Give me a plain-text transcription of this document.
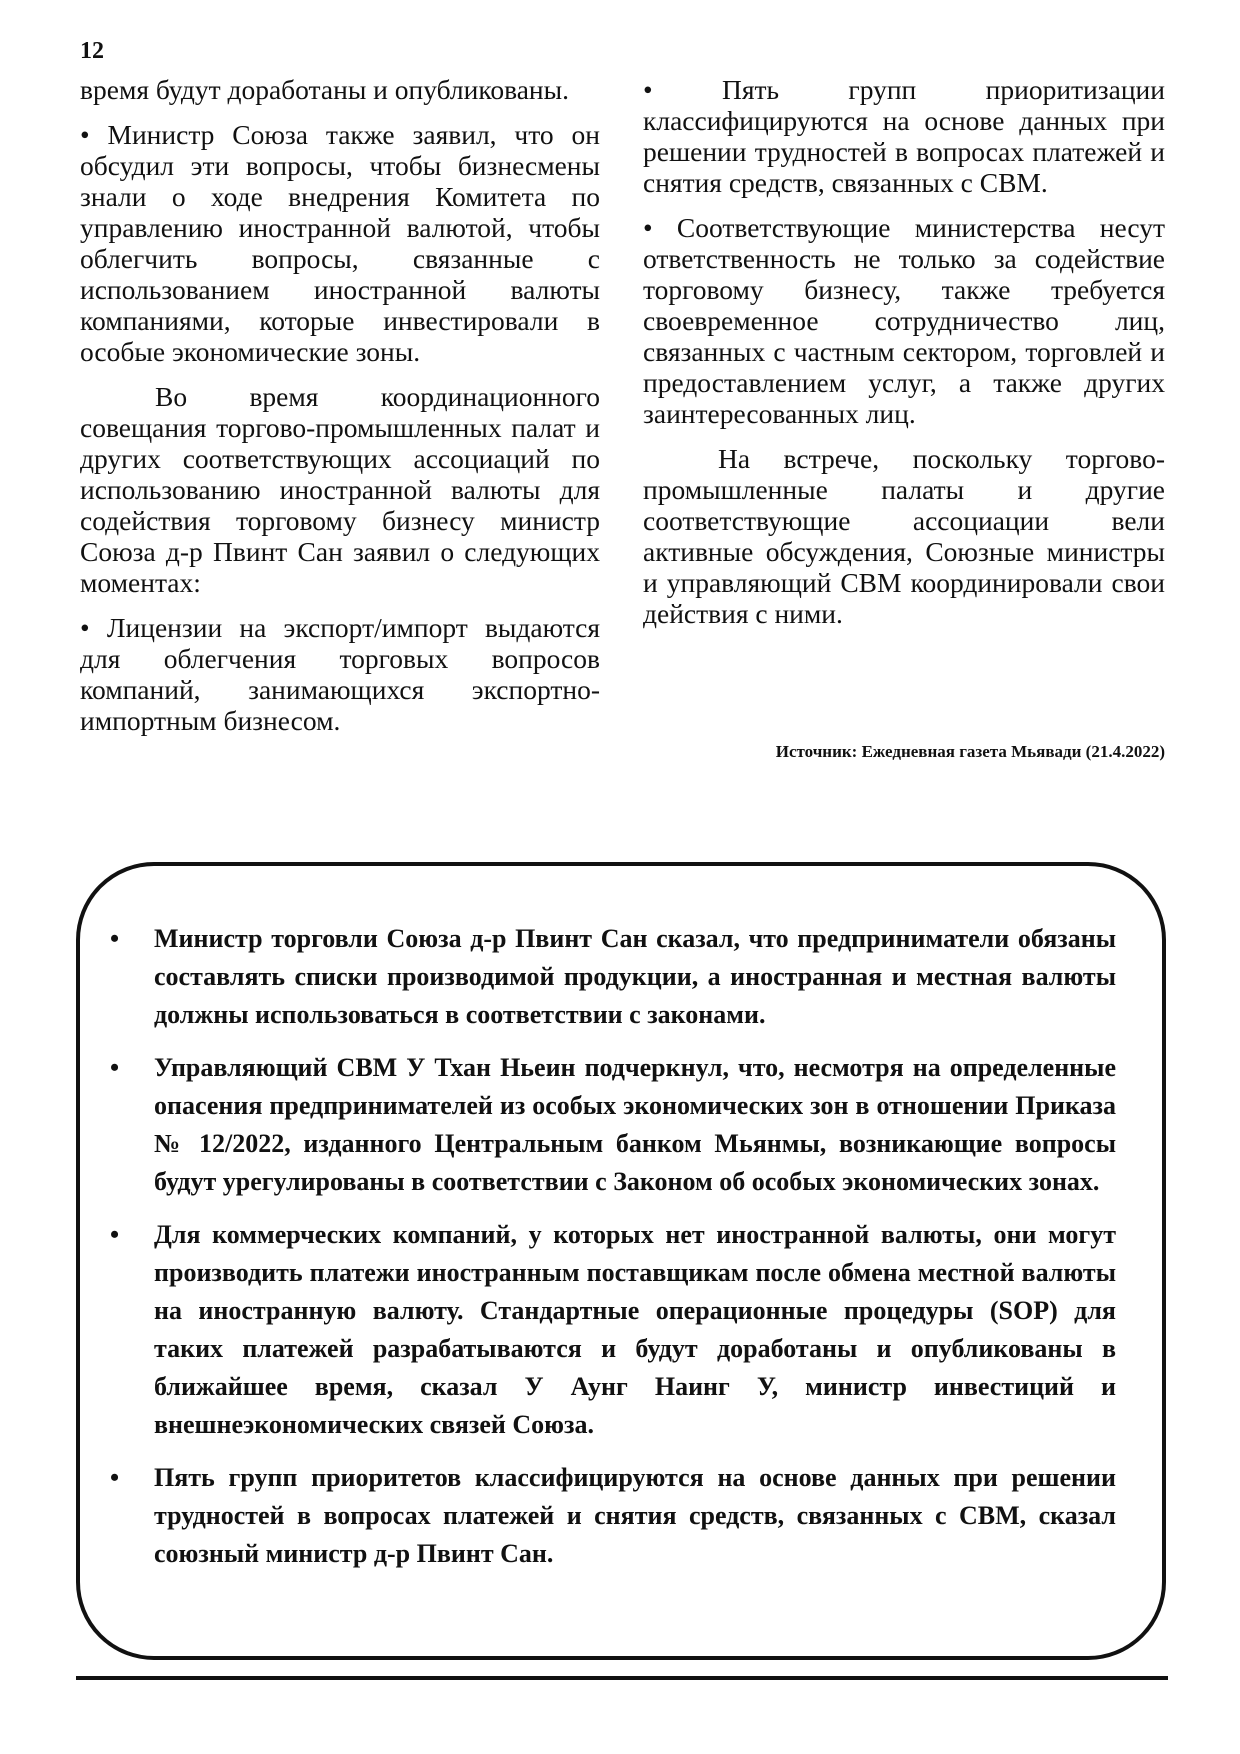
12

время будут доработаны и опубликованы.

• Министр Союза также заявил, что он обсудил эти вопросы, чтобы бизнесмены знали о ходе внедрения Комитета по управлению иностранной валютой, чтобы облегчить вопросы, связанные с использованием иностранной валюты компаниями, которые инвестировали в особые экономические зоны.

Во время координационного совещания торгово-промышленных палат и других соответствующих ассоциаций по использованию иностранной валюты для содействия торговому бизнесу министр Союза д-р Пвинт Сан заявил о следующих моментах:

• Лицензии на экспорт/импорт выдаются для облегчения торговых вопросов компаний, занимающихся экспортно-импортным бизнесом.

• Пять групп приоритизации классифицируются на основе данных при решении трудностей в вопросах платежей и снятия средств, связанных с CBM.

• Соответствующие министерства несут ответственность не только за содействие торговому бизнесу, также требуется своевременное сотрудничество лиц, связанных с частным сектором, торговлей и предоставлением услуг, а также других заинтересованных лиц.

На встрече, поскольку торгово-промышленные палаты и другие соответствующие ассоциации вели активные обсуждения, Союзные министры и управляющий CBM координировали свои действия с ними.

Источник: Ежедневная газета Мьявади (21.4.2022)
• Министр торговли Союза д-р Пвинт Сан сказал, что предприниматели обязаны составлять списки производимой продукции, а иностранная и местная валюты должны использоваться в соответствии с законами.
• Управляющий CBM У Тхан Ньеин подчеркнул, что, несмотря на определенные опасения предпринимателей из особых экономических зон в отношении Приказа № 12/2022, изданного Центральным банком Мьянмы, возникающие вопросы будут урегулированы в соответствии с Законом об особых экономических зонах.
• Для коммерческих компаний, у которых нет иностранной валюты, они могут производить платежи иностранным поставщикам после обмена местной валюты на иностранную валюту. Стандартные операционные процедуры (SOP) для таких платежей разрабатываются и будут доработаны и опубликованы в ближайшее время, сказал У Аунг Наинг У, министр инвестиций и внешнеэкономических связей Союза.
• Пять групп приоритетов классифицируются на основе данных при решении трудностей в вопросах платежей и снятия средств, связанных с CBM, сказал союзный министр д-р Пвинт Сан.
